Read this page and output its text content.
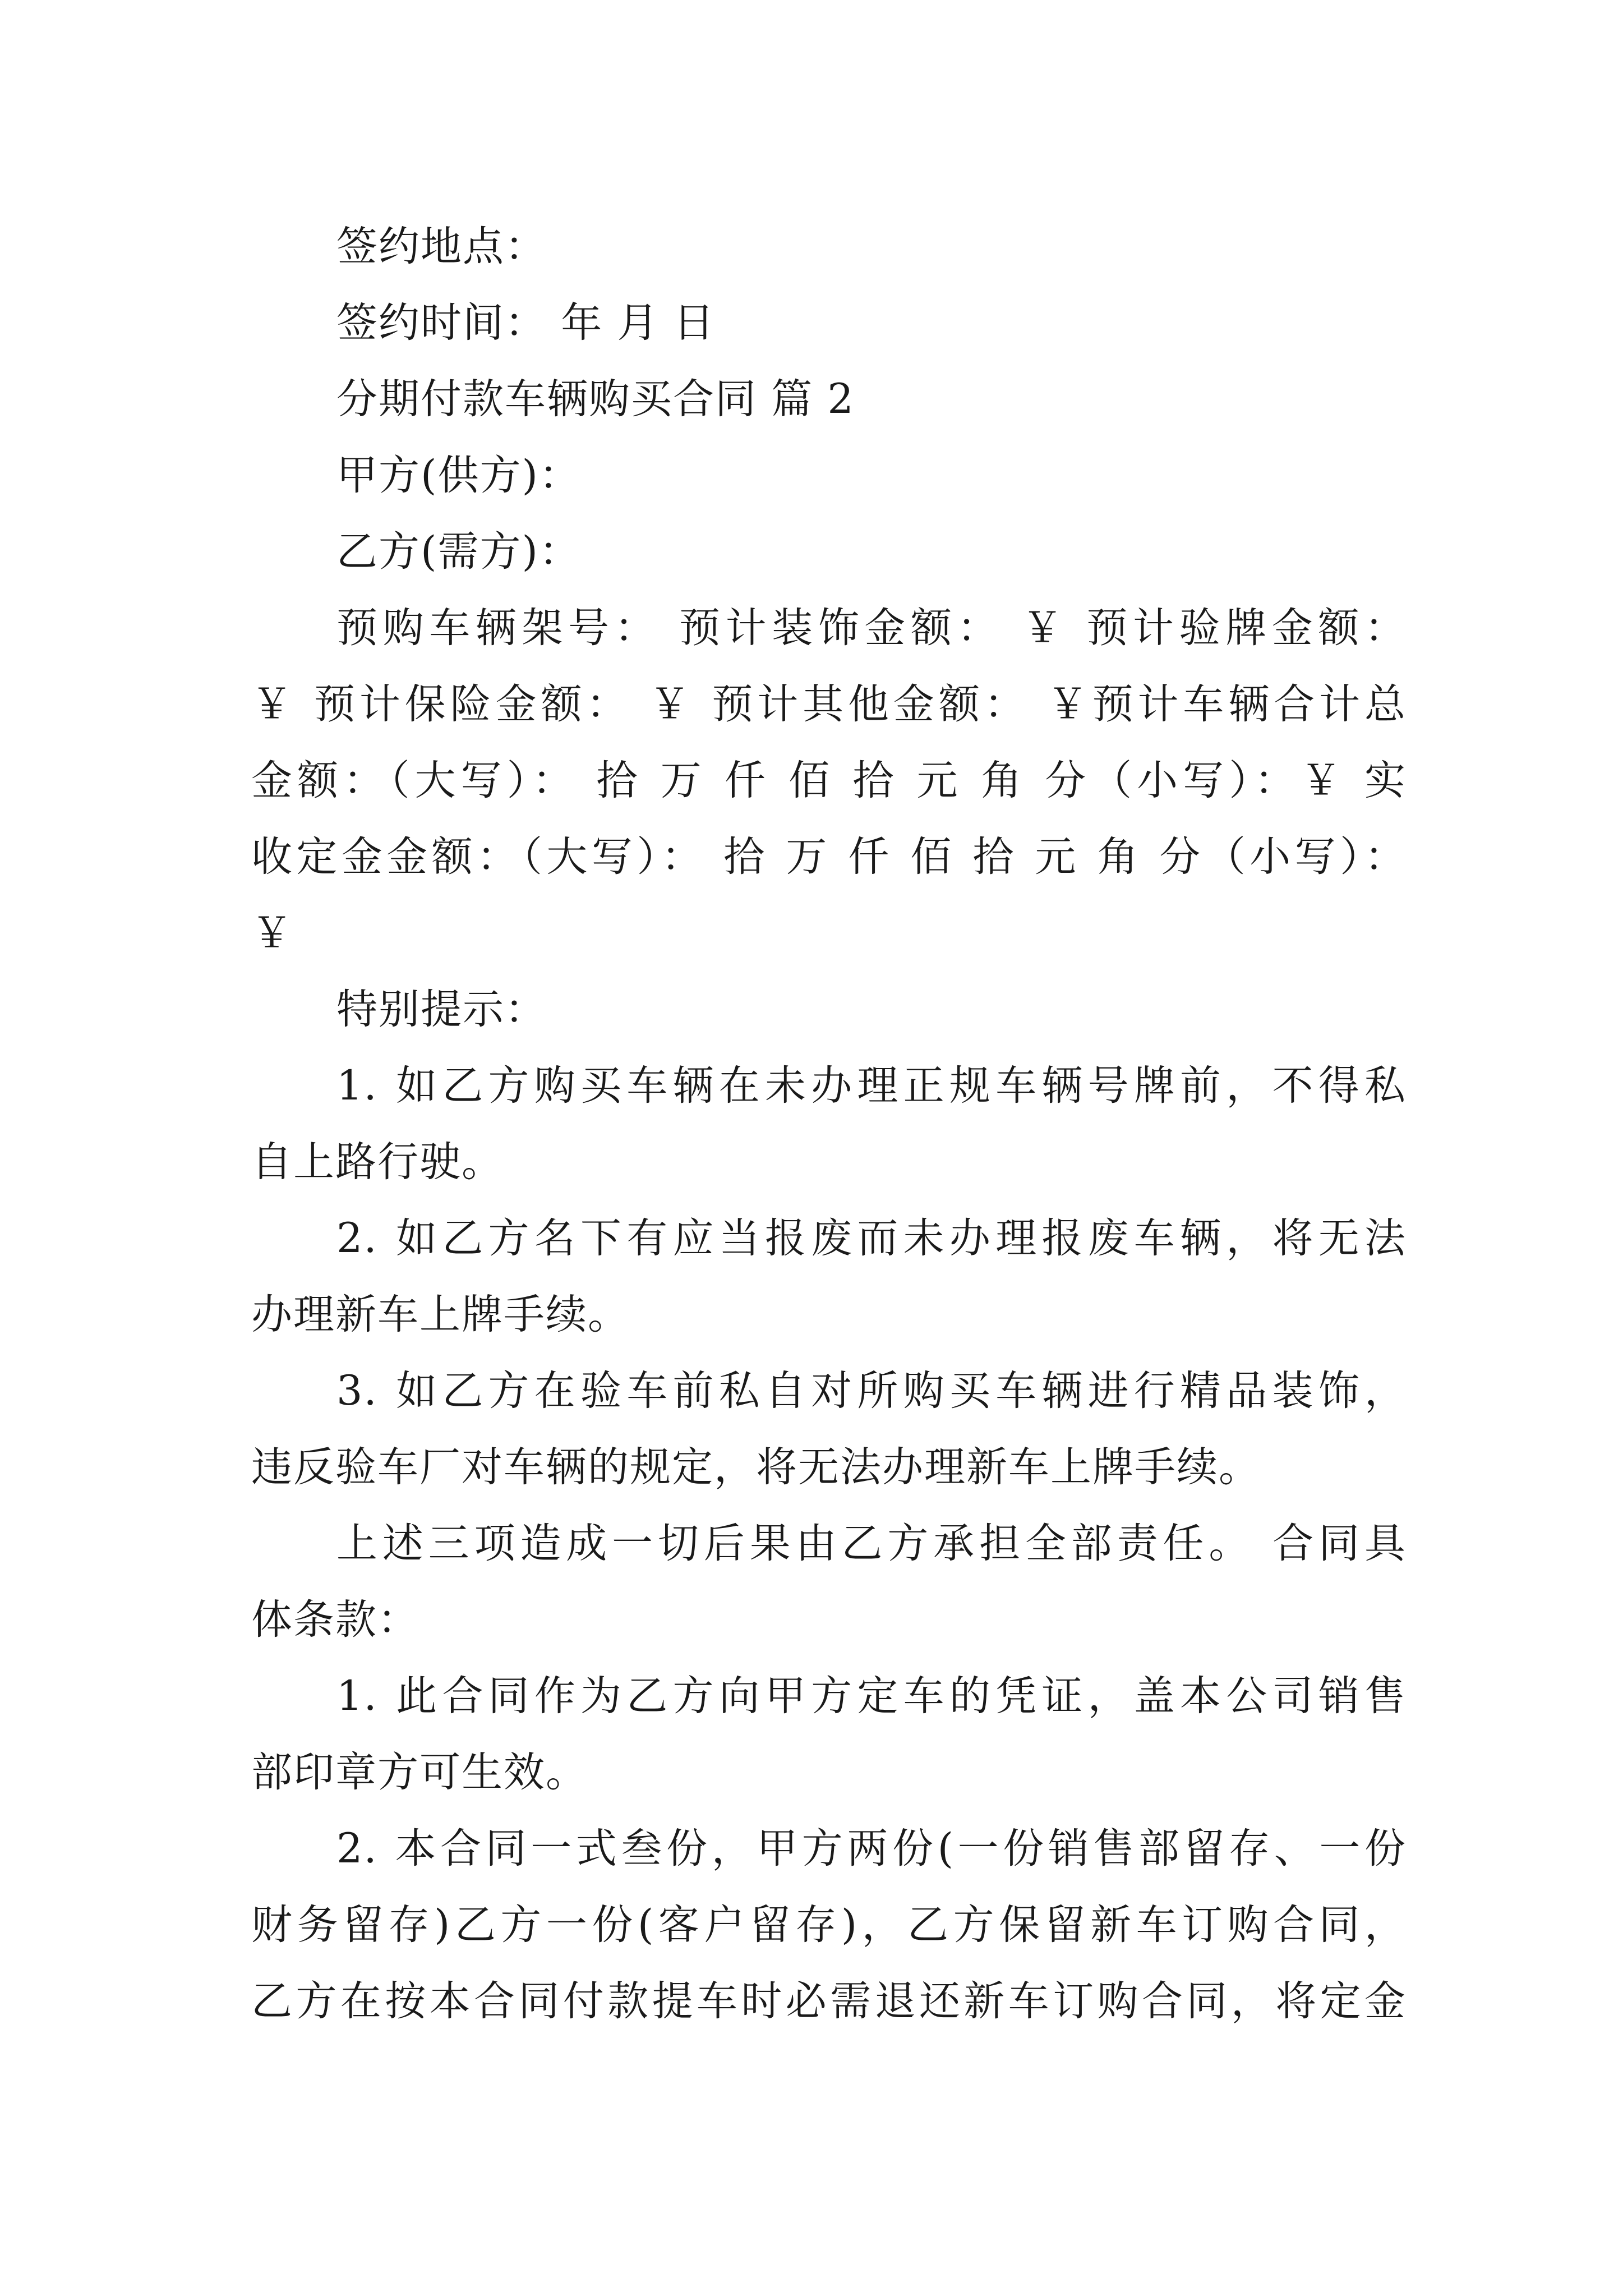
签约地点：
签约时间： 年 月 日
分期付款车辆购买合同 篇 2
甲方(供方)：
乙方(需方)：
预购车辆架号： 预计装饰金额： ￥ 预计验牌金额：
￥ 预计保险金额： ￥ 预计其他金额： ￥预计车辆合计总
金额：（大写）： 拾 万 仟 佰 拾 元 角 分（小写）：￥ 实
收定金金额：（大写）： 拾 万 仟 佰 拾 元 角 分（小写）：
￥
特别提示：
1. 如乙方购买车辆在未办理正规车辆号牌前，不得私
自上路行驶。
2. 如乙方名下有应当报废而未办理报废车辆，将无法
办理新车上牌手续。
3. 如乙方在验车前私自对所购买车辆进行精品装饰，
违反验车厂对车辆的规定，将无法办理新车上牌手续。
上述三项造成一切后果由乙方承担全部责任。 合同具
体条款：
1. 此合同作为乙方向甲方定车的凭证，盖本公司销售
部印章方可生效。
2. 本合同一式叁份，甲方两份(一份销售部留存、一份
财务留存)乙方一份(客户留存)，乙方保留新车订购合同，
乙方在按本合同付款提车时必需退还新车订购合同，将定金
